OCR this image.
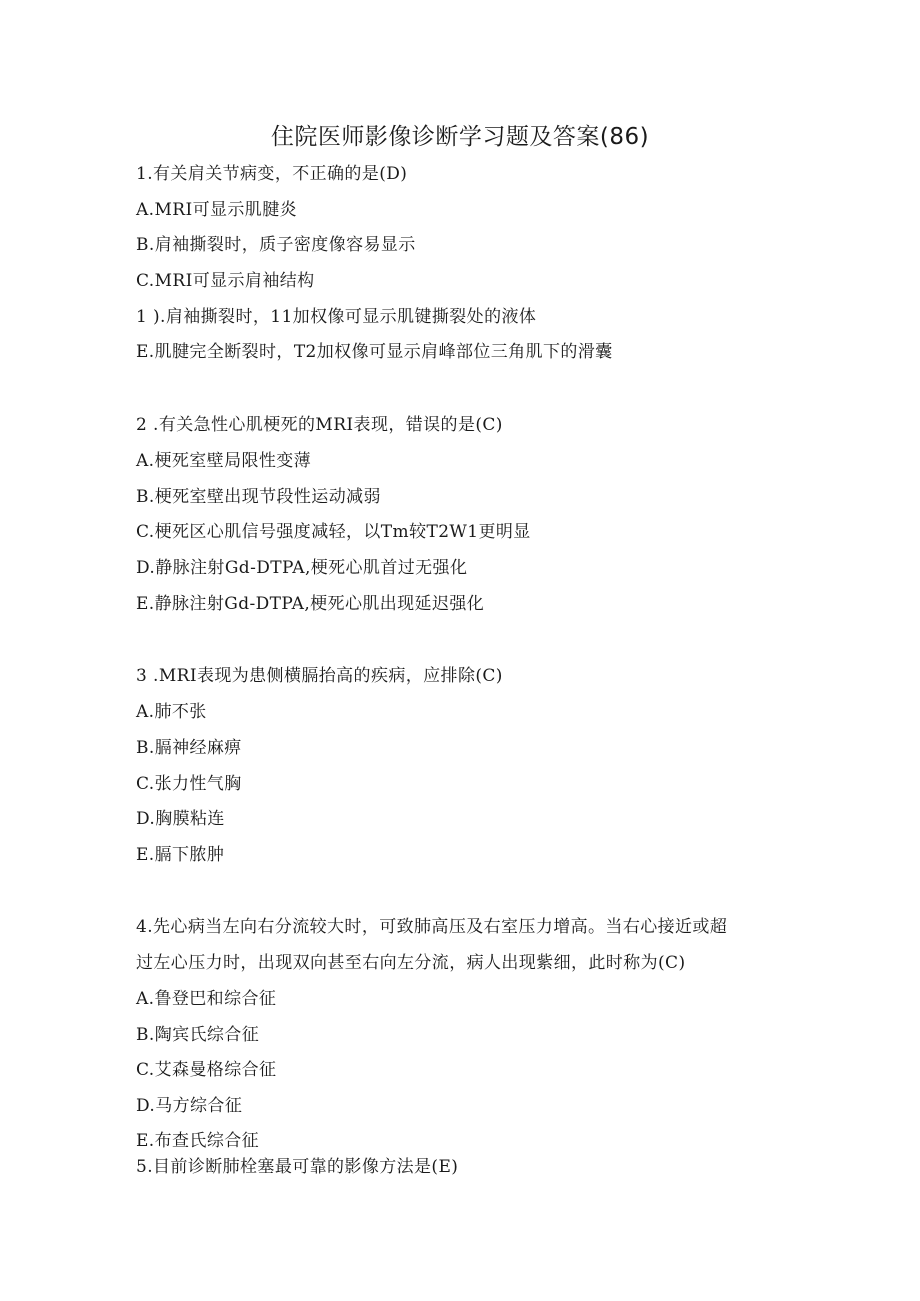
住院医师影像诊断学习题及答案(86)
1.有关肩关节病变，不正确的是(D)
A.MRI可显示肌腱炎
B.肩袖撕裂时，质子密度像容易显示
C.MRI可显示肩袖结构
1 ).肩袖撕裂时，11加权像可显示肌键撕裂处的液体
E.肌腱完全断裂时，T2加权像可显示肩峰部位三角肌下的滑囊
2 .有关急性心肌梗死的MRI表现，错误的是(C)
A.梗死室壁局限性变薄
B.梗死室壁出现节段性运动减弱
C.梗死区心肌信号强度减轻，以Tm较T2W1更明显
D.静脉注射Gd-DTPA,梗死心肌首过无强化
E.静脉注射Gd-DTPA,梗死心肌出现延迟强化
3 .MRI表现为患侧横膈抬高的疾病，应排除(C)
A.肺不张
B.膈神经麻痹
C.张力性气胸
D.胸膜粘连
E.膈下脓肿
4.先心病当左向右分流较大时，可致肺高压及右室压力增高。当右心接近或超
过左心压力时，出现双向甚至右向左分流，病人出现紫细，此时称为(C)
A.鲁登巴和综合征
B.陶宾氏综合征
C.艾森曼格综合征
D.马方综合征
E.布查氏综合征
5.目前诊断肺栓塞最可靠的影像方法是(E)
